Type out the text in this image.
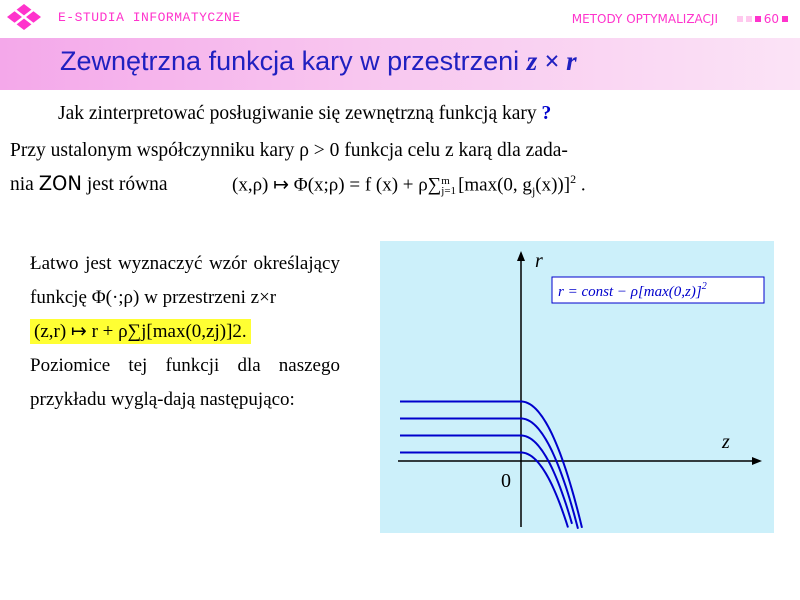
E-STUDIA INFORMATYCZNE	METODY OPTYMALIZACJI	60
Zewnętrzna funkcja kary w przestrzeni z × r
Jak zinterpretować posługiwanie się zewnętrzną funkcją kary ?
Przy ustalonym współczynniku kary ρ > 0 funkcja celu z karą dla zada-
nia ZON jest równa	(x,ρ) ↦ Φ(x;ρ) = f (x) + ρ∑ m
j=1 [max(0, $g_j(x))]^2$ .
Łatwo jest wyznaczyć wzór określający funkcję Φ(·;ρ) w przestrzeni z×r
(z,r) ↦ r + ρ∑j[max(0,zj)]2.
Poziomice tej funkcji dla naszego przykładu wyglą-dają następująco:
r
z
0
r = const − $\rho[\max(0,z)]^2$
